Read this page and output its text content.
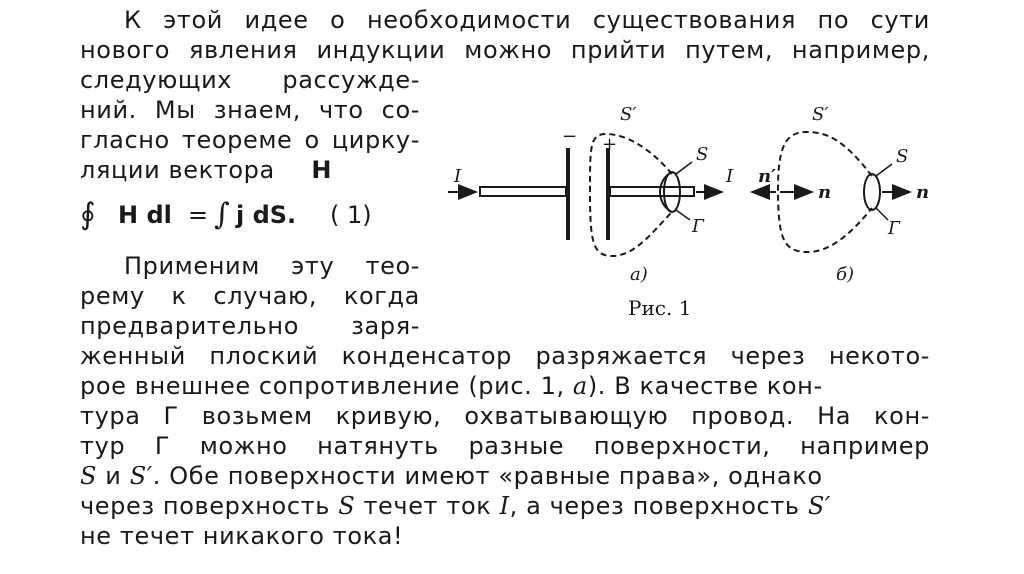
К этой идее о необходимости существования по сути
нового явления индукции можно прийти путем, например,
следующих рассужде-
ний. Мы знаем, что со-
гласно теореме о цирку-
ляции вектора H
∮ H dl = ∫ j dS. ( 1)
Применим эту тео-
рему к случаю, когда
предварительно заря-
женный плоский конденсатор разряжается через некото-
рое внешнее сопротивление (рис. 1, а). В качестве кон-
тура Г возьмем кривую, охватывающую провод. На кон-
тур Г можно натянуть разные поверхности, например
S и S′. Обе поверхности имеют «равные права», однако
через поверхность S течет ток I, а через поверхность S′
не течет никакого тока!
I
− +
S′
S
I
Г
а)
n′
n
S′
S
n
Г
б)
Рис. 1
